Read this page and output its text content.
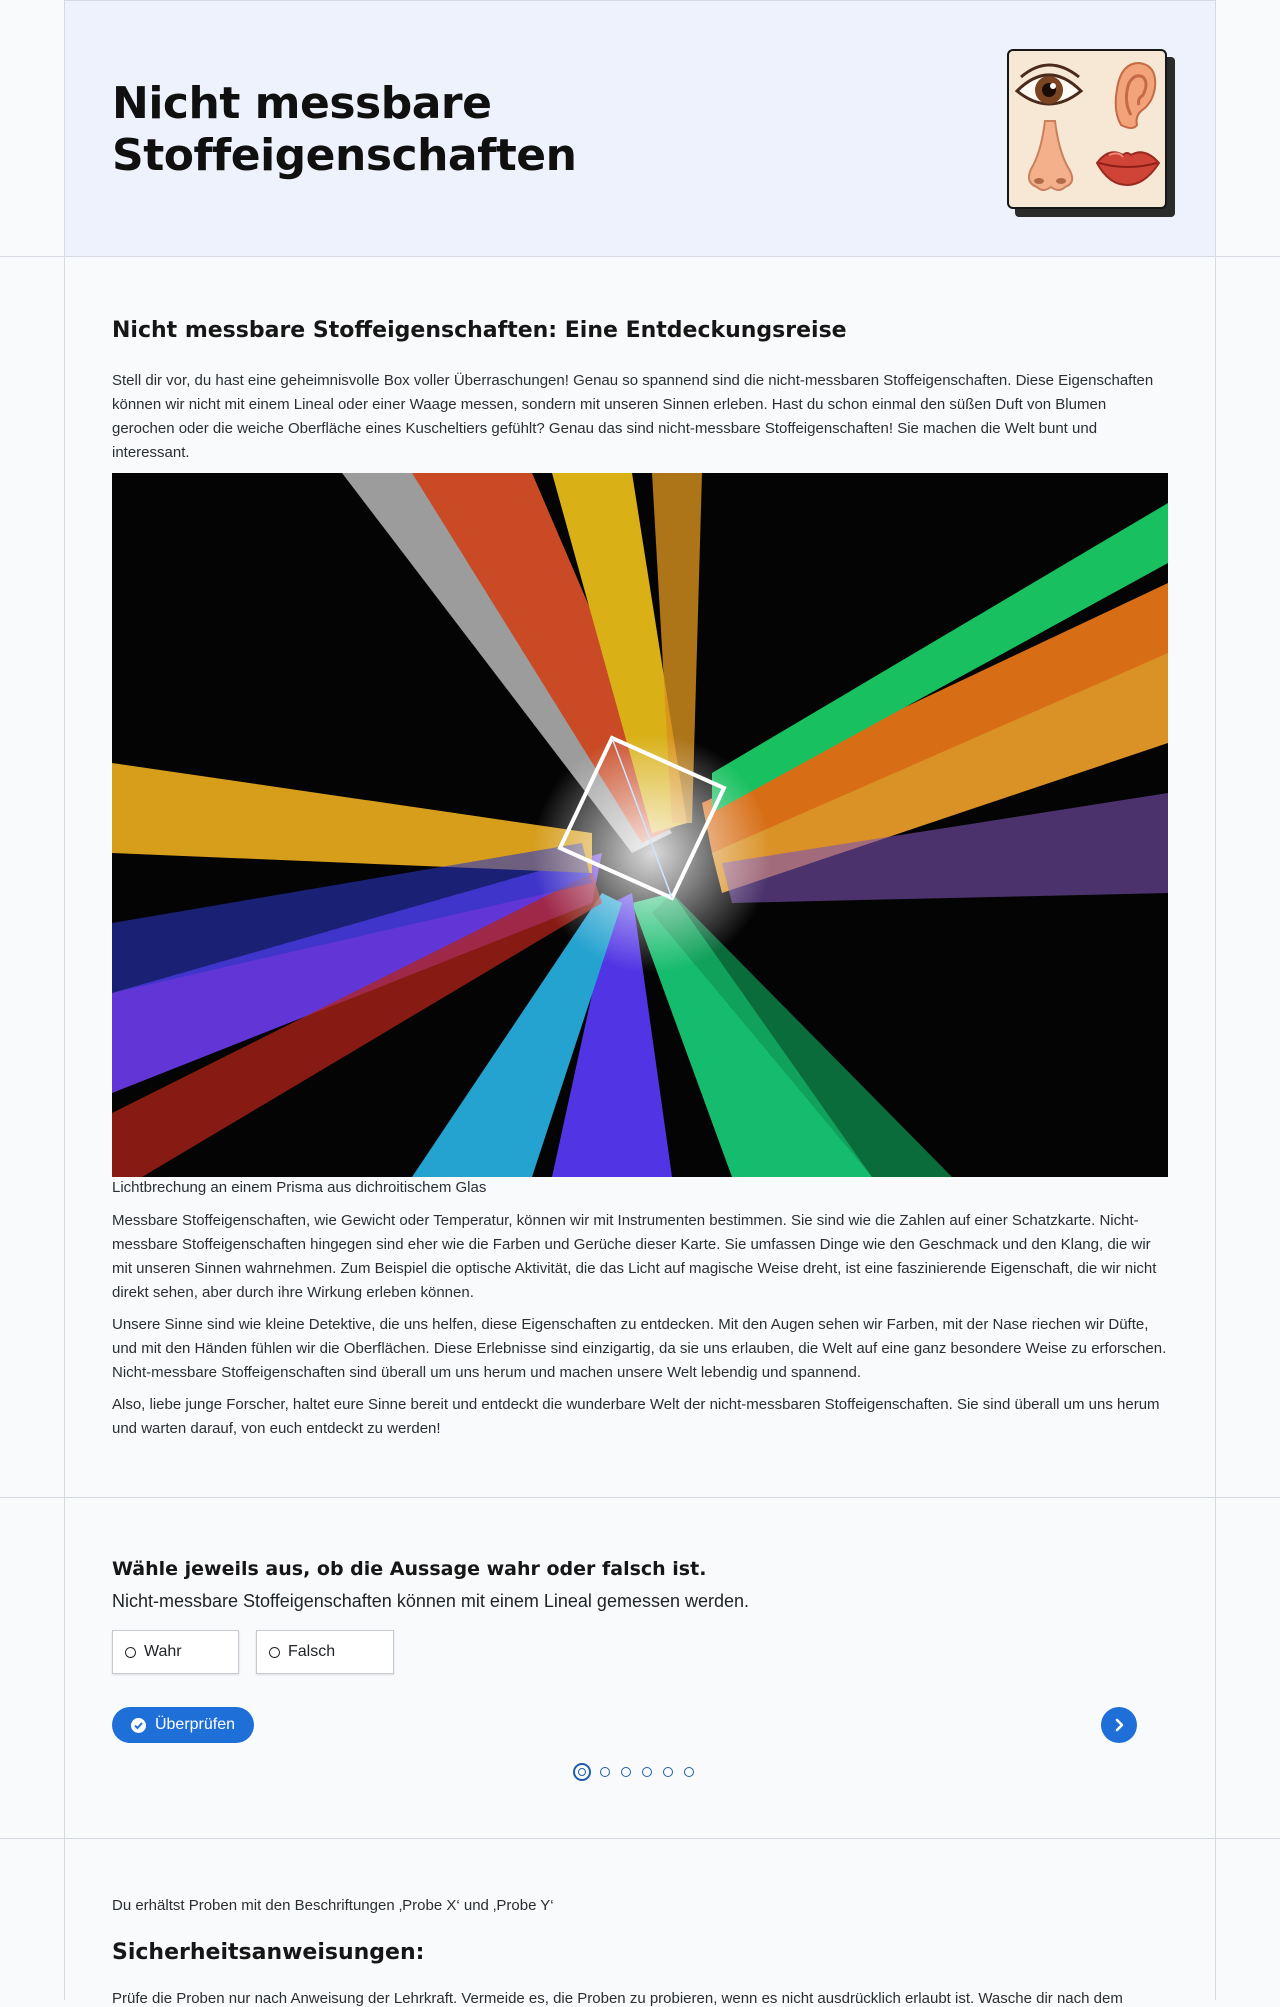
Nicht messbare Stoffeigenschaften
Nicht messbare Stoffeigenschaften: Eine Entdeckungsreise

Stell dir vor, du hast eine geheimnisvolle Box voller Überraschungen! Genau so spannend sind die nicht-messbaren Stoffeigenschaften. Diese Eigenschaften können wir nicht mit einem Lineal oder einer Waage messen, sondern mit unseren Sinnen erleben. Hast du schon einmal den süßen Duft von Blumen gerochen oder die weiche Oberfläche eines Kuscheltiers gefühlt? Genau das sind nicht-messbare Stoffeigenschaften! Sie machen die Welt bunt und interessant.

Lichtbrechung an einem Prisma aus dichroitischem Glas

Messbare Stoffeigenschaften, wie Gewicht oder Temperatur, können wir mit Instrumenten bestimmen. Sie sind wie die Zahlen auf einer Schatzkarte. Nicht-messbare Stoffeigenschaften hingegen sind eher wie die Farben und Gerüche dieser Karte. Sie umfassen Dinge wie den Geschmack und den Klang, die wir mit unseren Sinnen wahrnehmen. Zum Beispiel die optische Aktivität, die das Licht auf magische Weise dreht, ist eine faszinierende Eigenschaft, die wir nicht direkt sehen, aber durch ihre Wirkung erleben können.

Unsere Sinne sind wie kleine Detektive, die uns helfen, diese Eigenschaften zu entdecken. Mit den Augen sehen wir Farben, mit der Nase riechen wir Düfte, und mit den Händen fühlen wir die Oberflächen. Diese Erlebnisse sind einzigartig, da sie uns erlauben, die Welt auf eine ganz besondere Weise zu erforschen. Nicht-messbare Stoffeigenschaften sind überall um uns herum und machen unsere Welt lebendig und spannend.

Also, liebe junge Forscher, haltet eure Sinne bereit und entdeckt die wunderbare Welt der nicht-messbaren Stoffeigenschaften. Sie sind überall um uns herum und warten darauf, von euch entdeckt zu werden!

Wähle jeweils aus, ob die Aussage wahr oder falsch ist.
Nicht-messbare Stoffeigenschaften können mit einem Lineal gemessen werden.
Wahr	Falsch
Überprüfen
Du erhältst Proben mit den Beschriftungen ‚Probe X‘ und ‚Probe Y‘
Sicherheitsanweisungen:
Prüfe die Proben nur nach Anweisung der Lehrkraft. Vermeide es, die Proben zu probieren, wenn es nicht ausdrücklich erlaubt ist. Wasche dir nach dem
